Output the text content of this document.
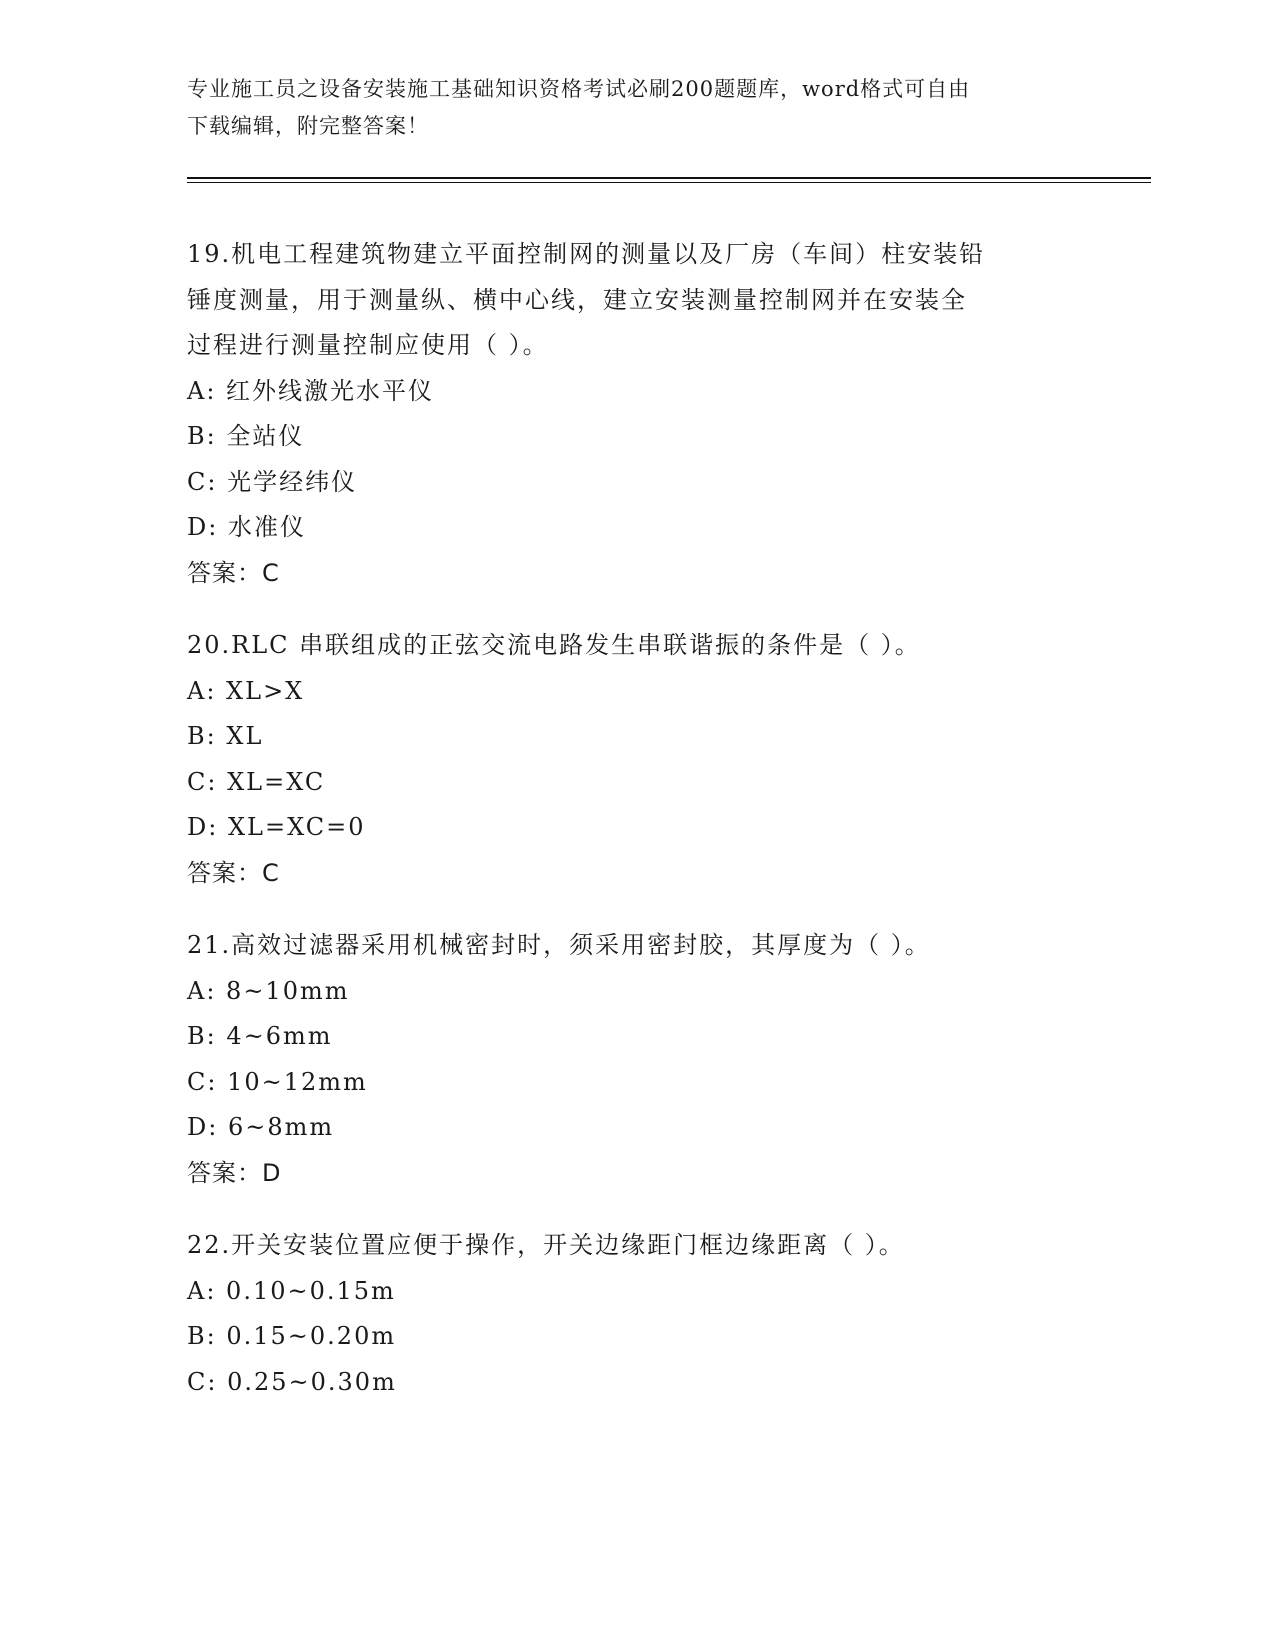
专业施工员之设备安装施工基础知识资格考试必刷200题题库，word格式可自由
下载编辑，附完整答案！

19.机电工程建筑物建立平面控制网的测量以及厂房（车间）柱安装铅

锤度测量，用于测量纵、横中心线，建立安装测量控制网并在安装全

过程进行测量控制应使用（ ）。

A: 红外线激光水平仪

B: 全站仪

C: 光学经纬仪

D: 水准仪

答案：C

20.RLC 串联组成的正弦交流电路发生串联谐振的条件是（ ）。

A: XL>X

B: XL

C: XL=XC

D: XL=XC=0

答案：C

21.高效过滤器采用机械密封时，须采用密封胶，其厚度为（ ）。

A: 8~10mm

B: 4~6mm

C: 10~12mm

D: 6~8mm

答案：D

22.开关安装位置应便于操作，开关边缘距门框边缘距离（ ）。

A: 0.10~0.15m

B: 0.15~0.20m

C: 0.25~0.30m
